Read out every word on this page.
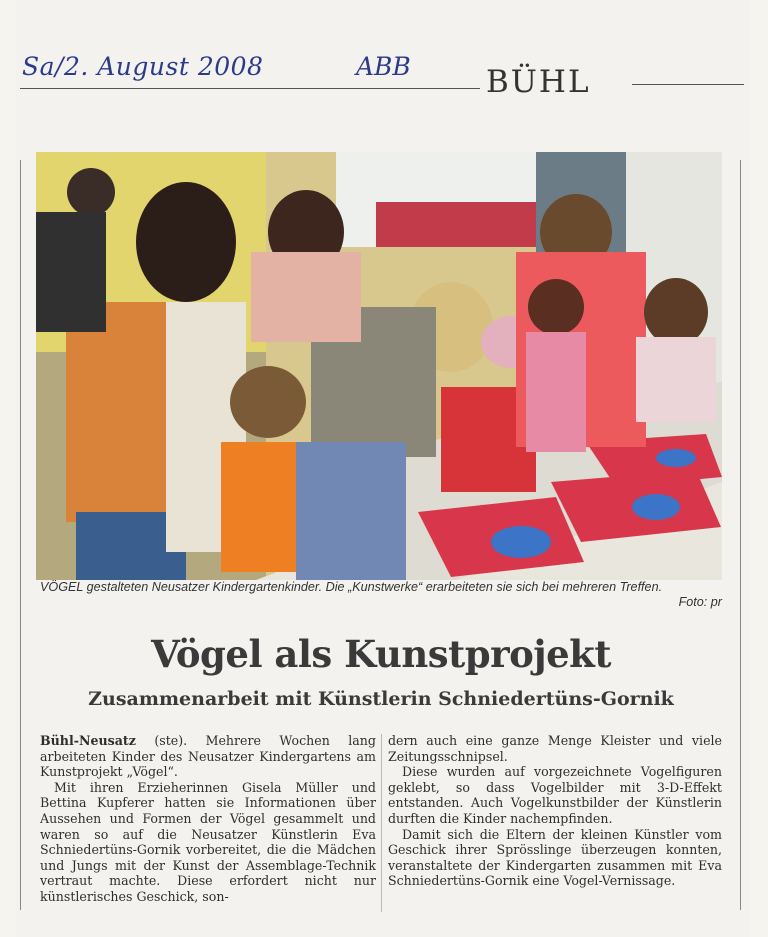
Sa/2. August 2008	ABB	BÜHL
VÖGEL gestalteten Neusatzer Kindergartenkinder. Die „Kunstwerke“ erarbeiteten sie sich bei mehreren Treffen.
Foto: pr
Vögel als Kunstprojekt
Zusammenarbeit mit Künstlerin Schniedertüns-Gornik

Bühl-Neusatz (ste). Mehrere Wochen lang arbeiteten Kinder des Neusatzer Kindergartens am Kunstprojekt „Vögel“.

Mit ihren Erzieherinnen Gisela Müller und Bettina Kupferer hatten sie Informationen über Aussehen und Formen der Vögel gesammelt und waren so auf die Neusatzer Künstlerin Eva Schniedertüns-Gornik vorbereitet, die die Mädchen und Jungs mit der Kunst der Assemblage-Technik vertraut machte. Diese erfordert nicht nur künstlerisches Geschick, son-

dern auch eine ganze Menge Kleister und viele Zeitungsschnipsel.

Diese wurden auf vorgezeichnete Vogelfiguren geklebt, so dass Vogelbilder mit 3-D-Effekt entstanden. Auch Vogelkunstbilder der Künstlerin durften die Kinder nachempfinden.

Damit sich die Eltern der kleinen Künstler vom Geschick ihrer Sprösslinge überzeugen konnten, veranstaltete der Kindergarten zusammen mit Eva Schniedertüns-Gornik eine Vogel-Vernissage.
